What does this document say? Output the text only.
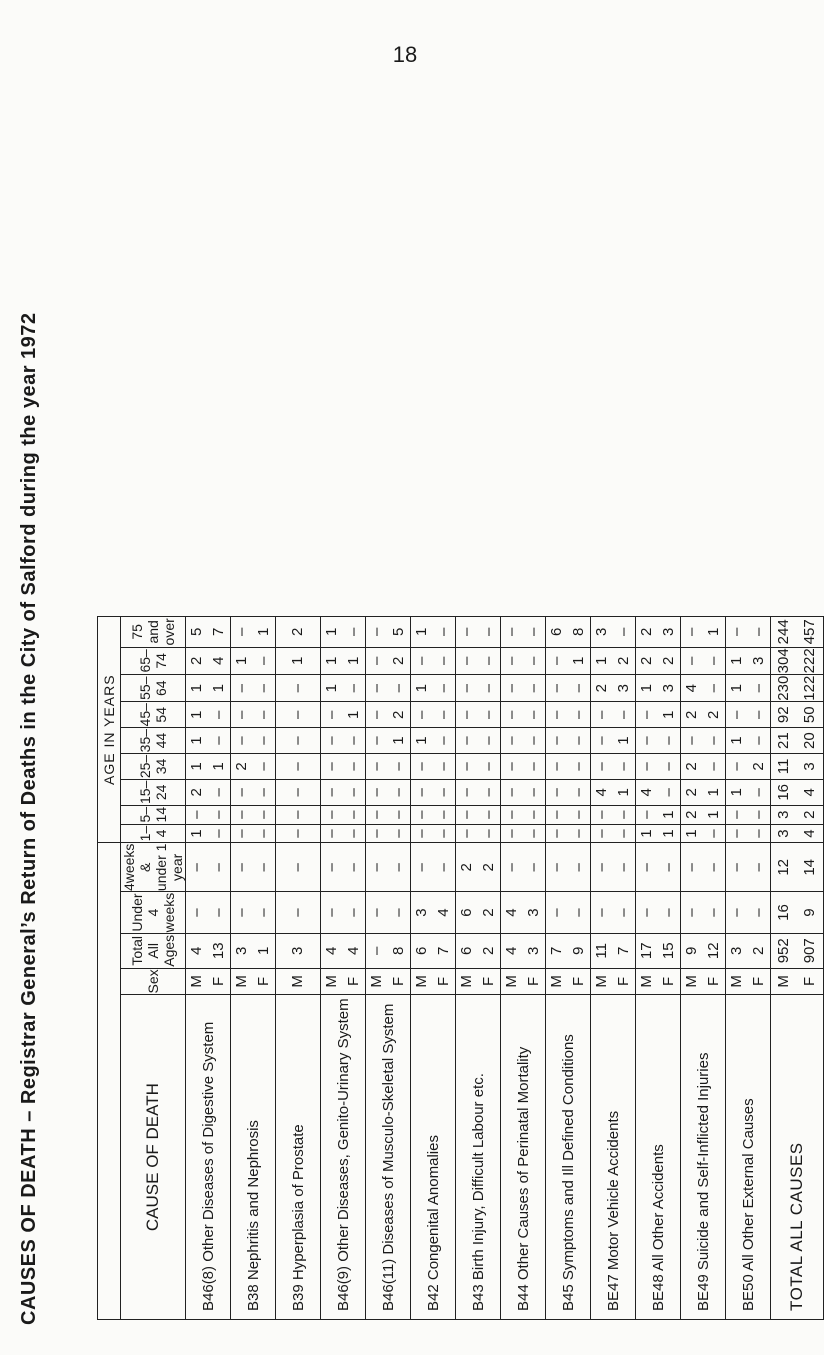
18
CAUSES OF DEATH – Registrar General’s Return of Deaths in the City of Salford during the year 1972
					AGE IN YEARS								
CAUSE OF DEATH	Sex	Total All Ages	Under 4 weeks	4weeks & under 1 year	1– 4	5– 14	15– 24	25– 34	35– 44	45– 54	55– 64	65– 74	75 and over
B46(8) Other Diseases of Digestive System	M F	4 13	– –	– –	1 –	– –	2 –	1 1	1 –	1 –	1 1	2 4	5 7

B38 Nephritis and Nephrosis	M F	3 1	– –	– –	– –	– –	– –	2 –	– –	– –	– –	1 –	– 1

B39 Hyperplasia of Prostate	M	3	–	–	–	–	–	–	–	–	–	1	2

B46(9) Other Diseases, Genito-Urinary System	M F	4 4	– –	– –	– –	– –	– –	– –	– –	– 1	1 –	1 1	1 –

B46(11) Diseases of Musculo-Skeletal System	M F	– 8	– –	– –	– –	– –	– –	– –	– 1	– 2	– –	– 2	– 5

B42 Congenital Anomalies	M F	6 7	3 4	– –	– –	– –	– –	– –	1 –	– –	1 –	– –	1 –

B43 Birth Injury, Difficult Labour etc.	M F	6 2	6 2	2 2	– –	– –	– –	– –	– –	– –	– –	– –	– –

B44 Other Causes of Perinatal Mortality	M F	4 3	4 3	– –	– –	– –	– –	– –	– –	– –	– –	– –	– –

B45 Symptoms and Ill Defined Conditions	M F	7 9	– –	– –	– –	– –	– –	– –	– –	– –	– –	– 1	6 8

BE47 Motor Vehicle Accidents	M F	11 7	– –	– –	– –	– –	4 1	– –	– 1	– –	2 3	1 2	3 –

BE48 All Other Accidents	M F	17 15	– –	– –	1 1	– 1	4 –	– –	– –	– 1	1 3	2 2	2 3

BE49 Suicide and Self-Inflicted Injuries	M F	9 12	– –	– –	1 –	2 1	2 1	2 –	– –	2 2	4 –	– –	– 1

BE50 All Other External Causes	M F	3 2	– –	– –	– –	– –	1 –	– 2	1 –	– –	1 –	1 3	– –

TOTAL ALL CAUSES	M F	952 907	16 9	12 14	3 4	3 2	16 4	11 3	21 20	92 50	230 122	304 222	244 457
